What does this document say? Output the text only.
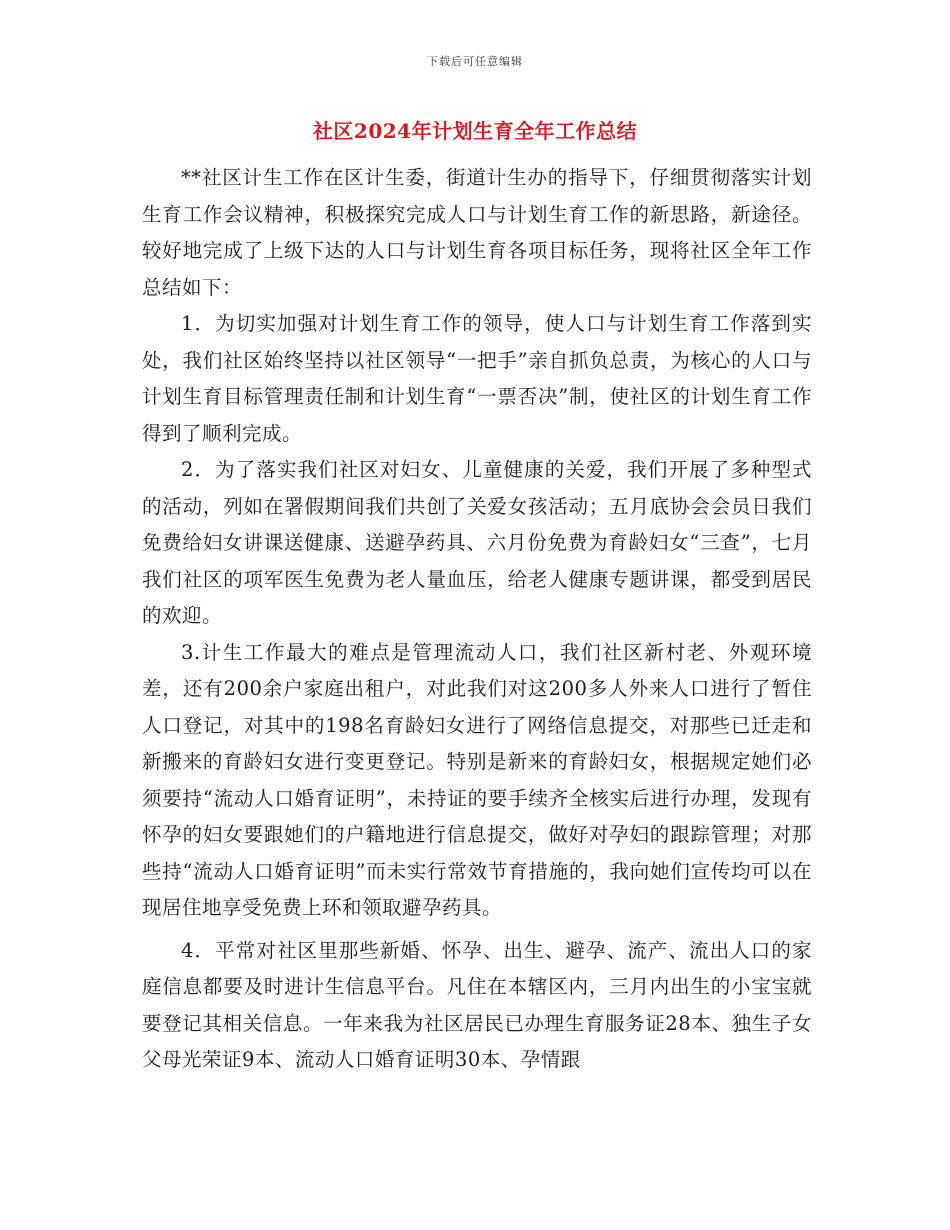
下载后可任意编辑
社区2024年计划生育全年工作总结

**社区计生工作在区计生委，街道计生办的指导下，仔细贯彻落实计划生育工作会议精神，积极探究完成人口与计划生育工作的新思路，新途径。较好地完成了上级下达的人口与计划生育各项目标任务，现将社区全年工作总结如下：

1．为切实加强对计划生育工作的领导，使人口与计划生育工作落到实处，我们社区始终坚持以社区领导“一把手”亲自抓负总责，为核心的人口与计划生育目标管理责任制和计划生育“一票否决”制，使社区的计划生育工作得到了顺利完成。

2．为了落实我们社区对妇女、儿童健康的关爱，我们开展了多种型式的活动，列如在署假期间我们共创了关爱女孩活动；五月底协会会员日我们免费给妇女讲课送健康、送避孕药具、六月份免费为育龄妇女“三查”，七月我们社区的项军医生免费为老人量血压，给老人健康专题讲课，都受到居民的欢迎。

3.计生工作最大的难点是管理流动人口，我们社区新村老、外观环境差，还有200余户家庭出租户，对此我们对这200多人外来人口进行了暂住人口登记，对其中的198名育龄妇女进行了网络信息提交，对那些已迁走和新搬来的育龄妇女进行变更登记。特别是新来的育龄妇女，根据规定她们必须要持“流动人口婚育证明”，未持证的要手续齐全核实后进行办理，发现有怀孕的妇女要跟她们的户籍地进行信息提交，做好对孕妇的跟踪管理；对那些持“流动人口婚育证明”而未实行常效节育措施的，我向她们宣传均可以在现居住地享受免费上环和领取避孕药具。

4．平常对社区里那些新婚、怀孕、出生、避孕、流产、流出人口的家庭信息都要及时进计生信息平台。凡住在本辖区内，三月内出生的小宝宝就要登记其相关信息。一年来我为社区居民已办理生育服务证28本、独生子女父母光荣证9本、流动人口婚育证明30本、孕情跟
